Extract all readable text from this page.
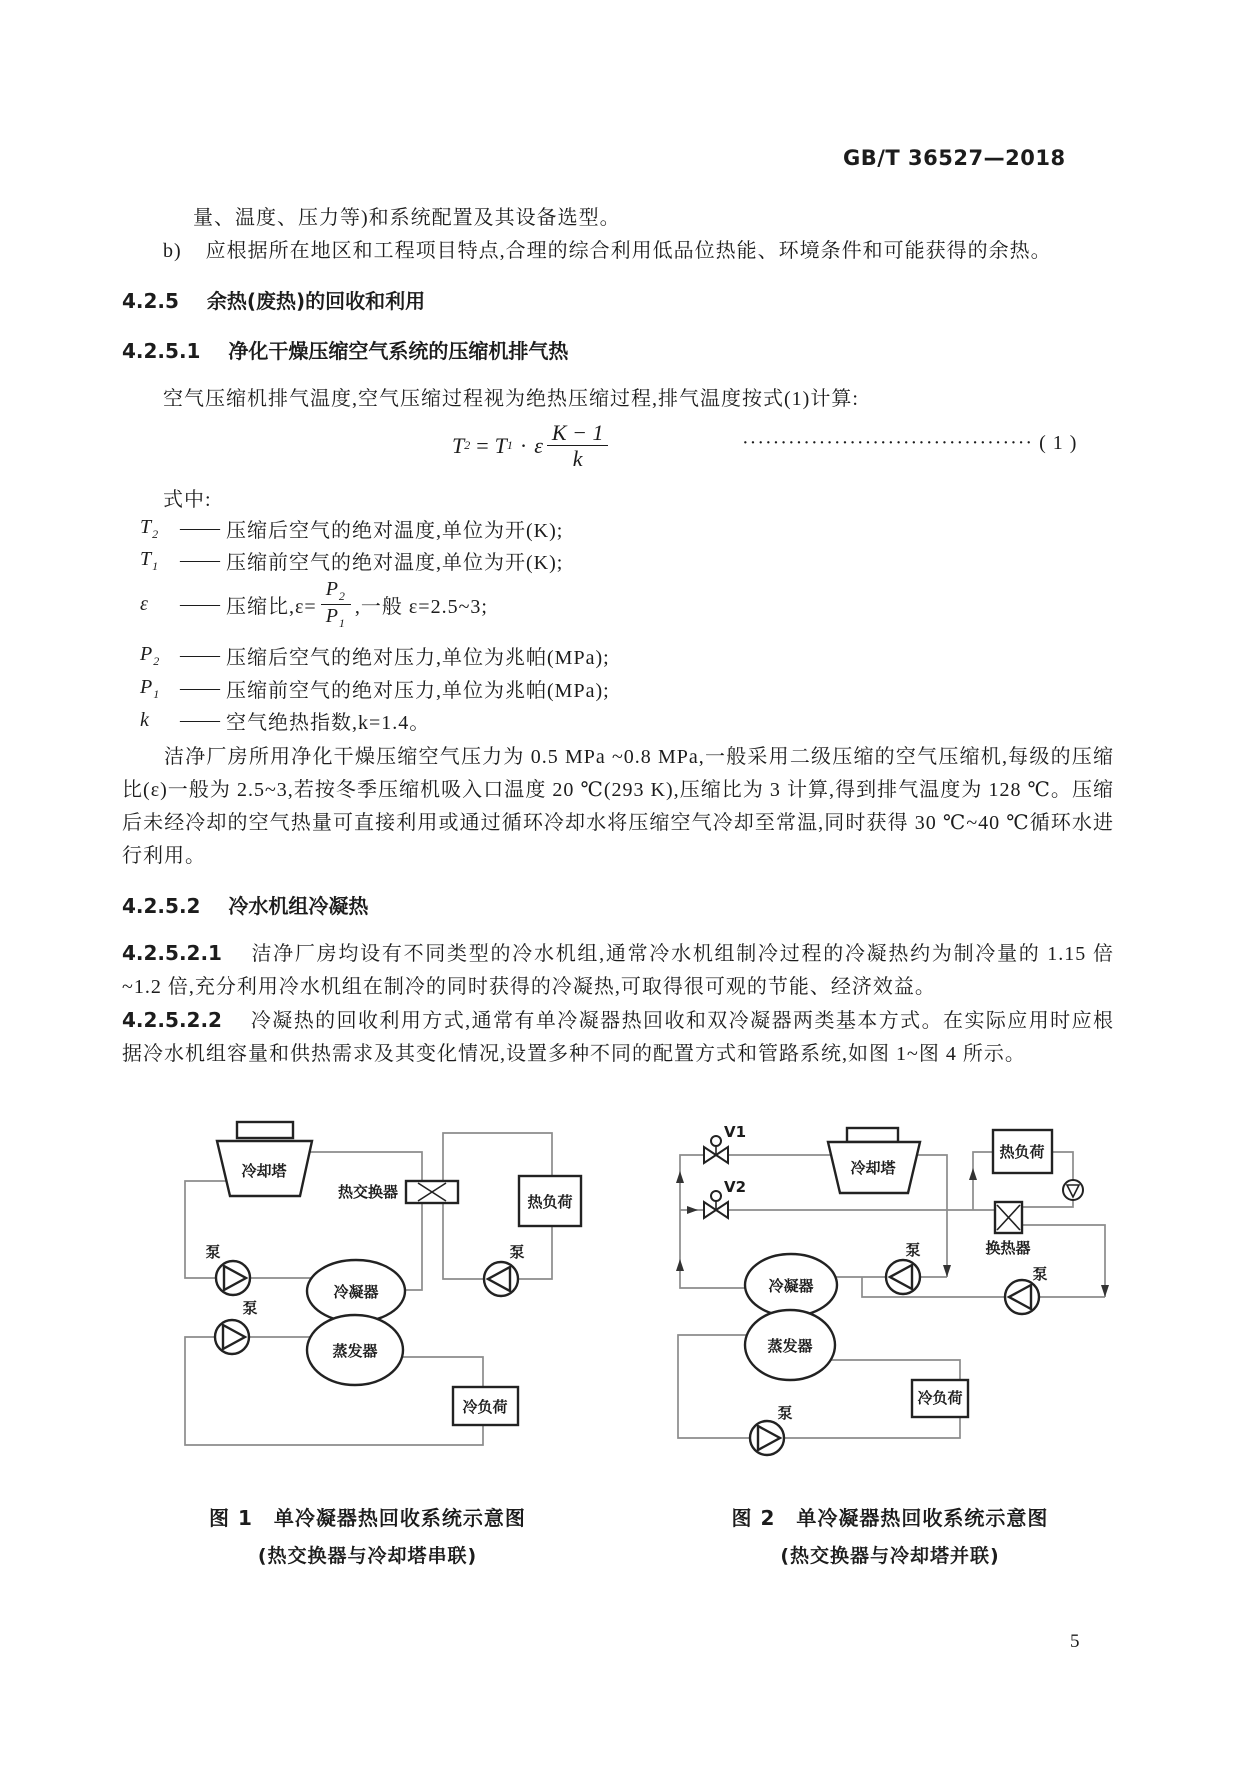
GB/T 36527—2018
量、温度、压力等)和系统配置及其设备选型。
b) 应根据所在地区和工程项目特点,合理的综合利用低品位热能、环境条件和可能获得的余热。
4.2.5 余热(废热)的回收和利用
4.2.5.1 净化干燥压缩空气系统的压缩机排气热
空气压缩机排气温度,空气压缩过程视为绝热压缩过程,排气温度按式(1)计算:
T 2 = T 1 · ε $\frac{K - 1}{k}$	······································ ( 1 )
式中:
$T_2$	—— 压缩后空气的绝对温度,单位为开(K);
$T_1$	—— 压缩前空气的绝对温度,单位为开(K);
ε	—— 压缩比$,\varepsilon= \frac{P_2}{P_1}$ ,一般 ε=2.5~3;
$P_2$ —— 压缩后空气的绝对压力,单位为兆帕(MPa);
$P_1$ —— 压缩前空气的绝对压力,单位为兆帕(MPa);
k	—— 空气绝热指数,k=1.4。
洁净厂房所用净化干燥压缩空气压力为 0.5 MPa ~0.8 MPa,一般采用二级压缩的空气压缩机,每级的压缩比(ε)一般为 2.5~3,若按冬季压缩机吸入口温度 20 ℃(293 K),压缩比为 3 计算,得到排气温度为 128 ℃。压缩后未经冷却的空气热量可直接利用或通过循环冷却水将压缩空气冷却至常温,同时获得 30 ℃~40 ℃循环水进行利用。
4.2.5.2 冷水机组冷凝热
4.2.5.2.1 洁净厂房均设有不同类型的冷水机组,通常冷水机组制冷过程的冷凝热约为制冷量的 1.15 倍~1.2 倍,充分利用冷水机组在制冷的同时获得的冷凝热,可取得很可观的节能、经济效益。
4.2.5.2.2 冷凝热的回收利用方式,通常有单冷凝器热回收和双冷凝器两类基本方式。在实际应用时应根据冷水机组容量和供热需求及其变化情况,设置多种不同的配置方式和管路系统,如图 1~图 4 所示。
冷却塔
热交换器
热负荷
冷凝器
蒸发器
冷负荷
泵
泵
泵
V1
V2
冷却塔
热负荷
换热器
冷凝器
蒸发器
冷负荷
泵
泵
泵
图 1　单冷凝器热回收系统示意图
(热交换器与冷却塔串联)
图 2　单冷凝器热回收系统示意图
(热交换器与冷却塔并联)
5
